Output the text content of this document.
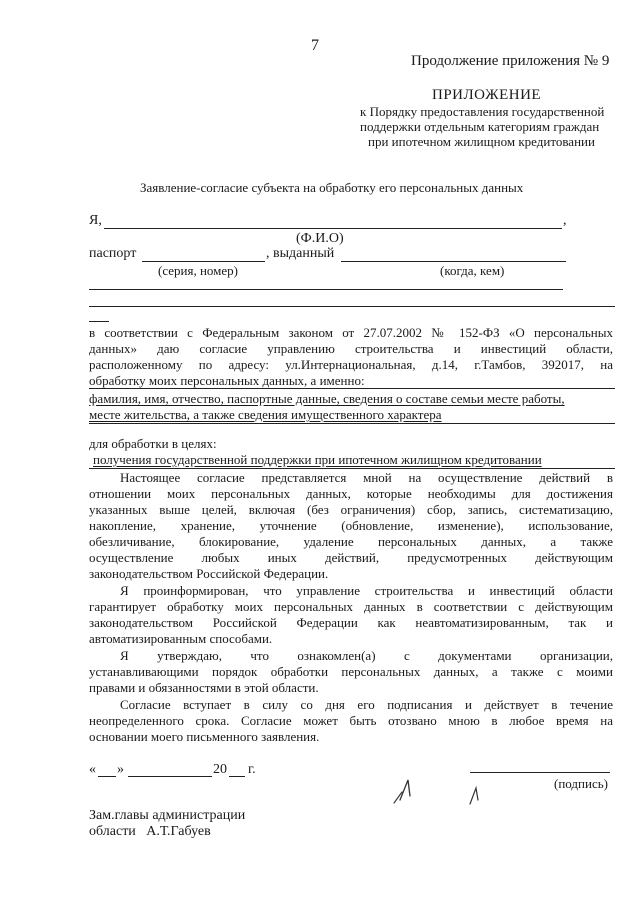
7
Продолжение приложения № 9
ПРИЛОЖЕНИЕ
к Порядку предоставления государственной
поддержки отдельным категориям граждан
при ипотечном жилищном кредитовании
Заявление-согласие субъекта на обработку его персональных данных
Я,	,
(Ф.И.О)
паспорт	, выданный
(серия, номер)	(когда, кем)
в соответствии с Федеральным законом от 27.07.2002 № 152-ФЗ «О персональных
данных» даю согласие управлению строительства и инвестиций области,
расположенному по адресу: ул.Интернациональная, д.14, г.Тамбов, 392017, на
обработку моих персональных данных, а именно:
фамилия, имя, отчество, паспортные данные, сведения о составе семьи месте работы,
месте жительства, а также сведения имущественного характера
для обработки в целях:
получения государственной поддержки при ипотечном жилищном кредитовании
Настоящее согласие представляется мной на осуществление действий в
отношении моих персональных данных, которые необходимы для достижения
указанных выше целей, включая (без ограничения) сбор, запись, систематизацию,
накопление, хранение, уточнение (обновление, изменение), использование,
обезличивание, блокирование, удаление персональных данных, а также
осуществление любых иных действий, предусмотренных действующим
законодательством Российской Федерации.
Я проинформирован, что управление строительства и инвестиций области
гарантирует обработку моих персональных данных в соответствии с действующим
законодательством Российской Федерации как неавтоматизированным, так и
автоматизированным способами.
Я утверждаю, что ознакомлен(а) с документами организации,
устанавливающими порядок обработки персональных данных, а также с моими
правами и обязанностями в этой области.
Согласие вступает в силу со дня его подписания и действует в течение
неопределенного срока. Согласие может быть отозвано мною в любое время на
основании моего письменного заявления.
« »	20 г.
(подпись)
Зам.главы администрации
области   А.Т.Габуев
